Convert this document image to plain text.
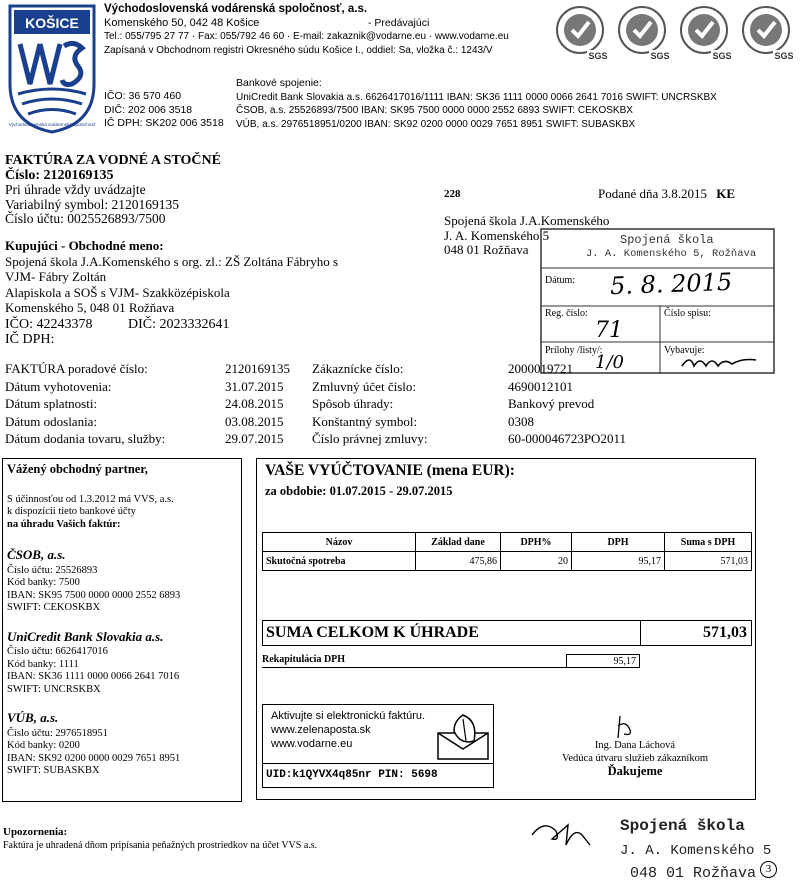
KOŠICE
Východoslovenská vodárenská spoločnosť
Východoslovenská vodárenská spoločnosť, a.s.
Komenského 50, 042 48 Košice
Tel.: 055/795 27 77 · Fax: 055/792 46 60 · E-mail: zakaznik@vodarne.eu · www.vodarne.eu
Zapísaná v Obchodnom registri Okresného súdu Košice I., oddiel: Sa, vložka č.: 1243/V
- Predávajúci
IČO: 36 570 460
DIČ: 202 006 3518
IČ DPH: SK202 006 3518
Bankové spojenie:
UniCredit Bank Slovakia a.s. 6626417016/1111 IBAN: SK36 1111 0000 0066 2641 7016 SWIFT: UNCRSKBX
ČSOB, a.s. 25526893/7500 IBAN: SK95 7500 0000 0000 2552 6893 SWIFT: CEKOSKBX
VÚB, a.s. 2976518951/0200 IBAN: SK92 0200 0000 0029 7651 8951 SWIFT: SUBASKBX
SGS	SGS	SGS	SGS
FAKTÚRA ZA VODNÉ A STOČNÉ
Číslo: 2120169135
Pri úhrade vždy uvádzajte
Variabilný symbol: 2120169135
Číslo účtu: 0025526893/7500
228	Podané dňa 3.8.2015 KE
Kupujúci - Obchodné meno:
Spojená škola J.A.Komenského s org. zl.: ZŠ Zoltána Fábryho s
VJM- Fábry Zoltán
Alapiskola a SOŠ s VJM- Szakközépiskola
Komenského 5, 048 01 Rožňava
IČO: 42243378	DIČ: 2023332641
IČ DPH:
Spojená škola J.A.Komenského
J. A. Komenského 5
048 01 Rožňava
Spojená škola
J. A. Komenského 5, Rožňava
Dátum: 5. 8. 2015
Reg. číslo:
71
Číslo spisu:
Prílohy /listy/:
1/0
Vybavuje:
FAKTÚRA poradové číslo:	2120169135
Dátum vyhotovenia:	31.07.2015
Dátum splatnosti:	24.08.2015
Dátum odoslania:	03.08.2015
Dátum dodania tovaru, služby:	29.07.2015
Zákaznícke číslo:	2000019721
Zmluvný účet číslo:	4690012101
Spôsob úhrady:	Bankový prevod
Konštantný symbol:	0308
Číslo právnej zmluvy:	60-000046723PO2011
Vážený obchodný partner,
S účinnosťou od 1.3.2012 má VVS, a.s.
k dispozícii tieto bankové účty
na úhradu Vašich faktúr:
ČSOB, a.s.
Číslo účtu: 25526893
Kód banky: 7500
IBAN: SK95 7500 0000 0000 2552 6893
SWIFT: CEKOSKBX
UniCredit Bank Slovakia a.s.
Číslo účtu: 6626417016
Kód banky: 1111
IBAN: SK36 1111 0000 0066 2641 7016
SWIFT: UNCRSKBX
VÚB, a.s.
Číslo účtu: 2976518951
Kód banky: 0200
IBAN: SK92 0200 0000 0029 7651 8951
SWIFT: SUBASKBX
VAŠE VYÚČTOVANIE (mena EUR):
za obdobie: 01.07.2015 - 29.07.2015
Názov	Základ dane	DPH%	DPH	Suma s DPH
Skutočná spotreba	475,86	20	95,17	571,03
SUMA CELKOM K ÚHRADE	571,03
Rekapitulácia DPH	95,17
Aktivujte si elektronickú faktúru.
www.zelenaposta.sk
www.vodarne.eu
UID:k1QYVX4q85nr PIN: 5698
Ing. Dana Láchová
Vedúca útvaru služieb zákazníkom
Ďakujeme
Upozornenia:
Faktúra je uhradená dňom pripísania peňažných prostriedkov na účet VVS a.s.
Spojená škola
J. A. Komenského 5
048 01 Rožňava 3
